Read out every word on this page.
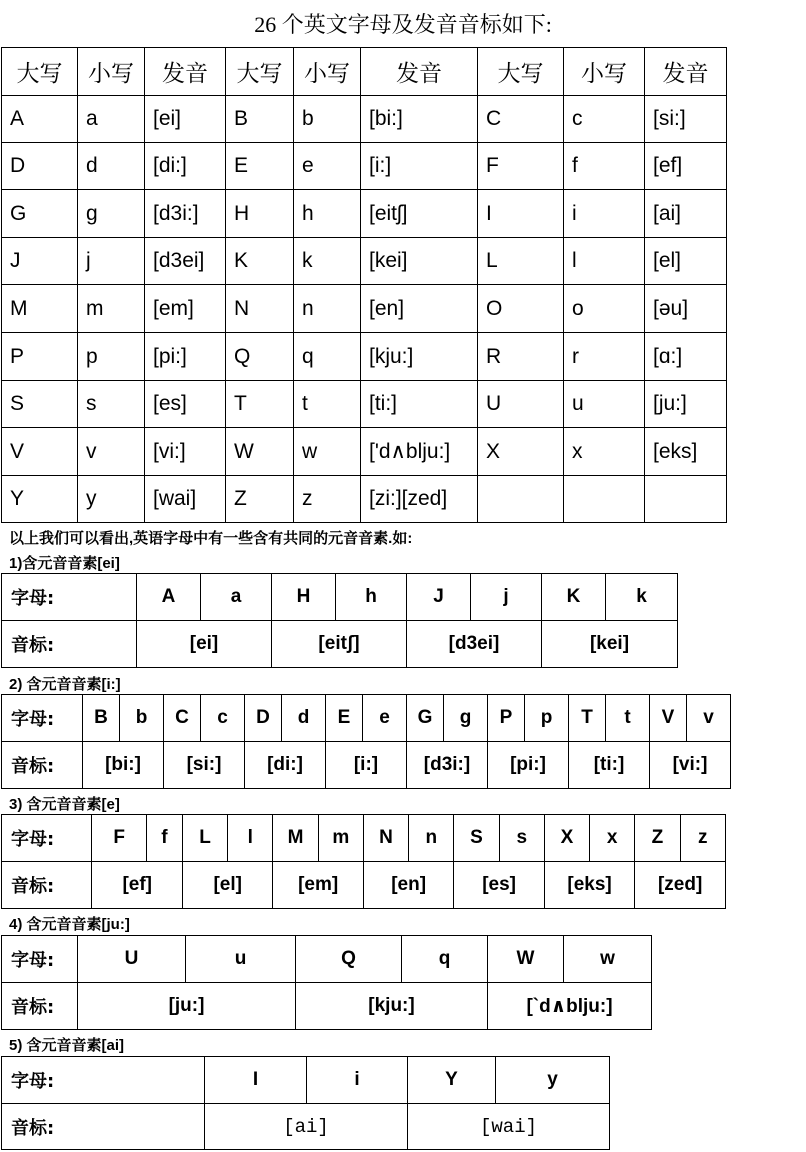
26 个英文字母及发音音标如下:
大写	小写	发音	大写	小写	发音	大写	小写	发音
A	a	[ei]	B	b	[bi:]	C	c	[si:]
D	d	[di:]	E	e	[i:]	F	f	[ef]
G	g	[d3i:]	H	h	[eitʃ]	I	i	[ai]
J	j	[d3ei]	K	k	[kei]	L	l	[el]
M	m	[em]	N	n	[en]	O	o	[əu]
P	p	[pi:]	Q	q	[kju:]	R	r	[ɑ:]
S	s	[es]	T	t	[ti:]	U	u	[ju:]
V	v	[vi:]	W	w	['d∧blju:]	X	x	[eks]
Y	y	[wai]	Z	z	[zi:][zed]			
以上我们可以看出,英语字母中有一些含有共同的元音音素.如:
1)含元音音素[ei]
字母:	A	a	H	h	J	j	K	k
音标:	[ei]		[eitʃ]		[d3ei]		[kei]	
2) 含元音音素[i:]
字母:	B	b	C	c	D	d	E	e	G	g	P	p	T	t	V	v
音标:	[bi:]		[si:]		[di:]		[i:]		[d3i:]		[pi:]		[ti:]		[vi:]	
3) 含元音音素[e]
字母:	F	f	L	l	M	m	N	n	S	s	X	x	Z	z
音标:	[ef]		[el]		[em]		[en]		[es]		[eks]		[zed]	
4) 含元音音素[ju:]
字母:	U	u	Q	q	W	w
音标:	[ju:]		[kju:]		[`d∧blju:]	
5) 含元音音素[ai]
字母:	I	i	Y	y
音标:	[ai]		[wai]	
